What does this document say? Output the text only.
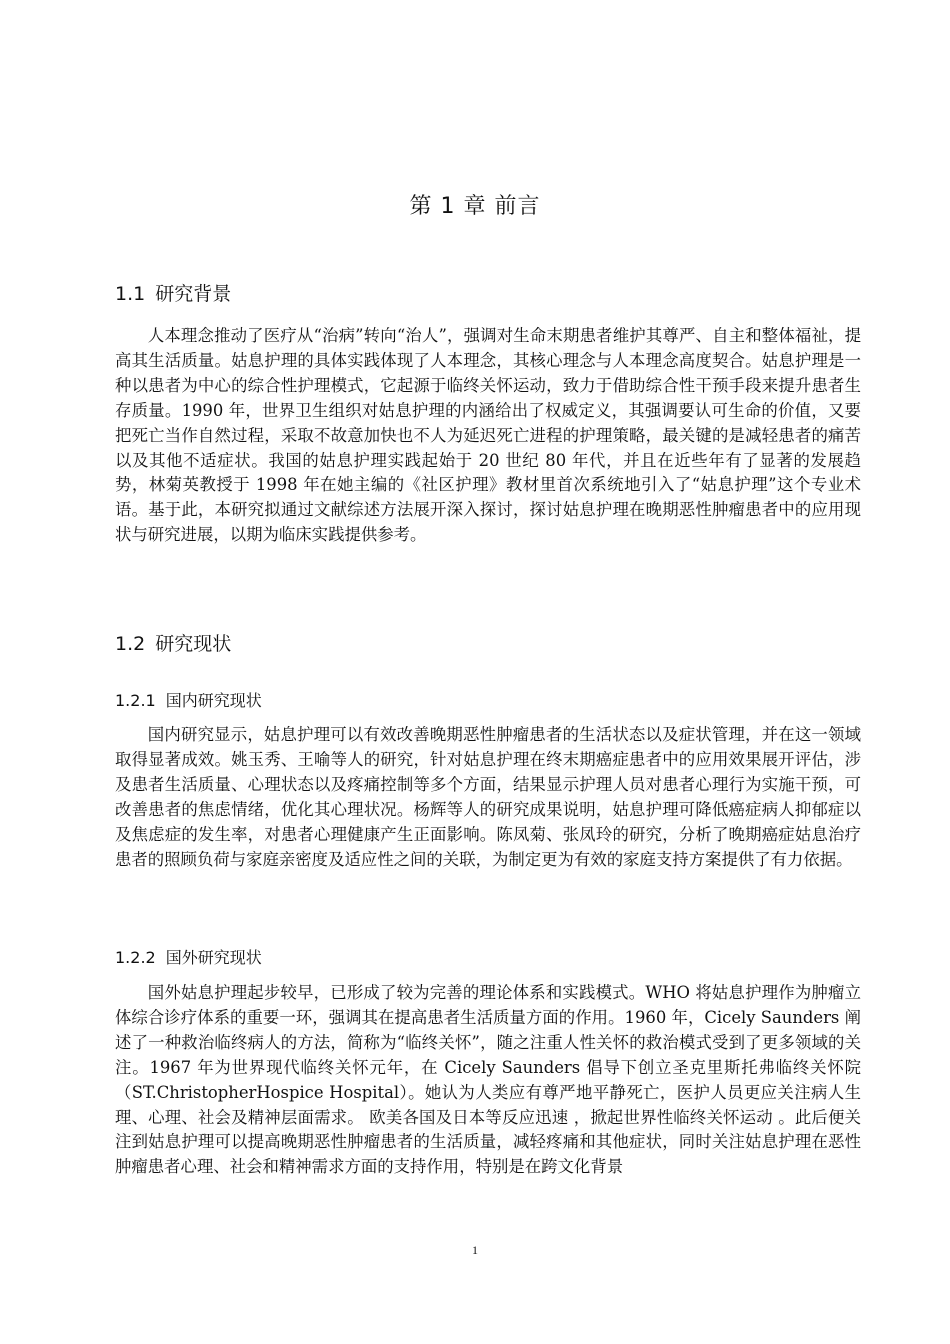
第 1 章 前言
1.1 研究背景

人本理念推动了医疗从“治病”转向“治人”，强调对生命末期患者维护其尊严、自主和整体福祉，提高其生活质量。姑息护理的具体实践体现了人本理念，其核心理念与人本理念高度契合。姑息护理是一种以患者为中心的综合性护理模式，它起源于临终关怀运动，致力于借助综合性干预手段来提升患者生存质量。1990 年，世界卫生组织对姑息护理的内涵给出了权威定义，其强调要认可生命的价值，又要把死亡当作自然过程，采取不故意加快也不人为延迟死亡进程的护理策略，最关键的是减轻患者的痛苦以及其他不适症状。我国的姑息护理实践起始于 20 世纪 80 年代，并且在近些年有了显著的发展趋势，林菊英教授于 1998 年在她主编的《社区护理》教材里首次系统地引入了“姑息护理”这个专业术语。基于此，本研究拟通过文献综述方法展开深入探讨，探讨姑息护理在晚期恶性肿瘤患者中的应用现状与研究进展，以期为临床实践提供参考。

1.2 研究现状
1.2.1 国内研究现状

国内研究显示，姑息护理可以有效改善晚期恶性肿瘤患者的生活状态以及症状管理，并在这一领域取得显著成效。姚玉秀、王喻等人的研究，针对姑息护理在终末期癌症患者中的应用效果展开评估，涉及患者生活质量、心理状态以及疼痛控制等多个方面，结果显示护理人员对患者心理行为实施干预，可改善患者的焦虑情绪，优化其心理状况。杨辉等人的研究成果说明，姑息护理可降低癌症病人抑郁症以及焦虑症的发生率，对患者心理健康产生正面影响。陈凤菊、张凤玲的研究，分析了晚期癌症姑息治疗患者的照顾负荷与家庭亲密度及适应性之间的关联，为制定更为有效的家庭支持方案提供了有力依据。

1.2.2 国外研究现状

国外姑息护理起步较早，已形成了较为完善的理论体系和实践模式。WHO 将姑息护理作为肿瘤立体综合诊疗体系的重要一环，强调其在提高患者生活质量方面的作用。1960 年，Cicely Saunders 阐述了一种救治临终病人的方法，简称为“临终关怀”，随之注重人性关怀的救治模式受到了更多领域的关注。1967 年为世界现代临终关怀元年，在 Cicely Saunders 倡导下创立圣克里斯托弗临终关怀院（ST.ChristopherHospice Hospital）。她认为人类应有尊严地平静死亡，医护人员更应关注病人生理、心理、社会及精神层面需求。 欧美各国及日本等反应迅速 ，掀起世界性临终关怀运动 。此后便关注到姑息护理可以提高晚期恶性肿瘤患者的生活质量，减轻疼痛和其他症状，同时关注姑息护理在恶性肿瘤患者心理、社会和精神需求方面的支持作用，特别是在跨文化背景

1
